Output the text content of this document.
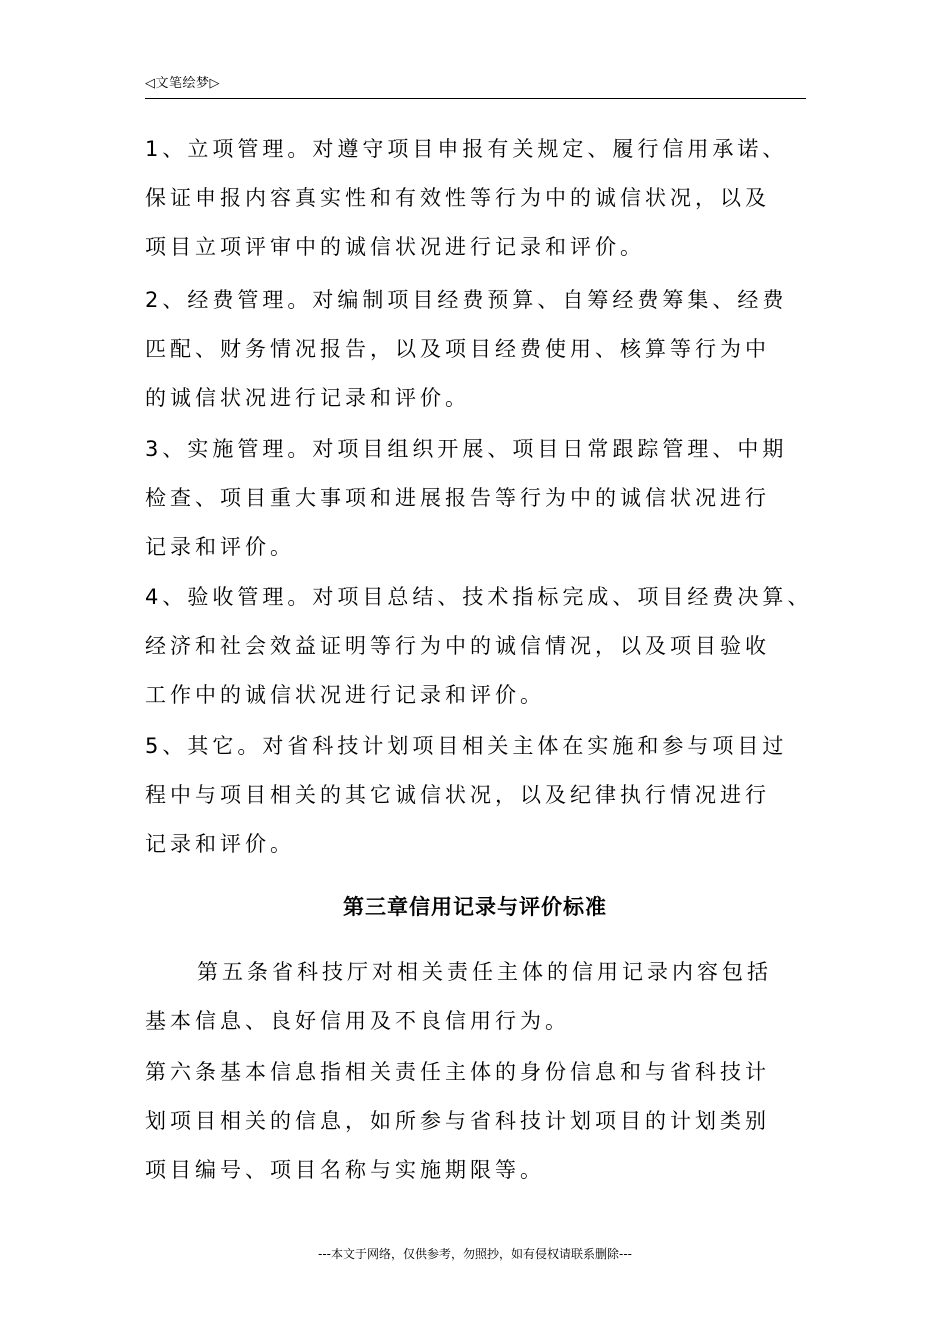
◁文笔绘梦▷
1、立项管理。对遵守项目申报有关规定、履行信用承诺、
保证申报内容真实性和有效性等行为中的诚信状况，以及
项目立项评审中的诚信状况进行记录和评价。
2、经费管理。对编制项目经费预算、自筹经费筹集、经费
匹配、财务情况报告，以及项目经费使用、核算等行为中
的诚信状况进行记录和评价。
3、实施管理。对项目组织开展、项目日常跟踪管理、中期
检查、项目重大事项和进展报告等行为中的诚信状况进行
记录和评价。
4、验收管理。对项目总结、技术指标完成、项目经费决算、
经济和社会效益证明等行为中的诚信情况，以及项目验收
工作中的诚信状况进行记录和评价。
5、其它。对省科技计划项目相关主体在实施和参与项目过
程中与项目相关的其它诚信状况，以及纪律执行情况进行
记录和评价。
第三章信用记录与评价标准
第五条省科技厅对相关责任主体的信用记录内容包括
基本信息、良好信用及不良信用行为。
第六条基本信息指相关责任主体的身份信息和与省科技计
划项目相关的信息，如所参与省科技计划项目的计划类别
项目编号、项目名称与实施期限等。
---本文于网络，仅供参考，勿照抄，如有侵权请联系删除---
